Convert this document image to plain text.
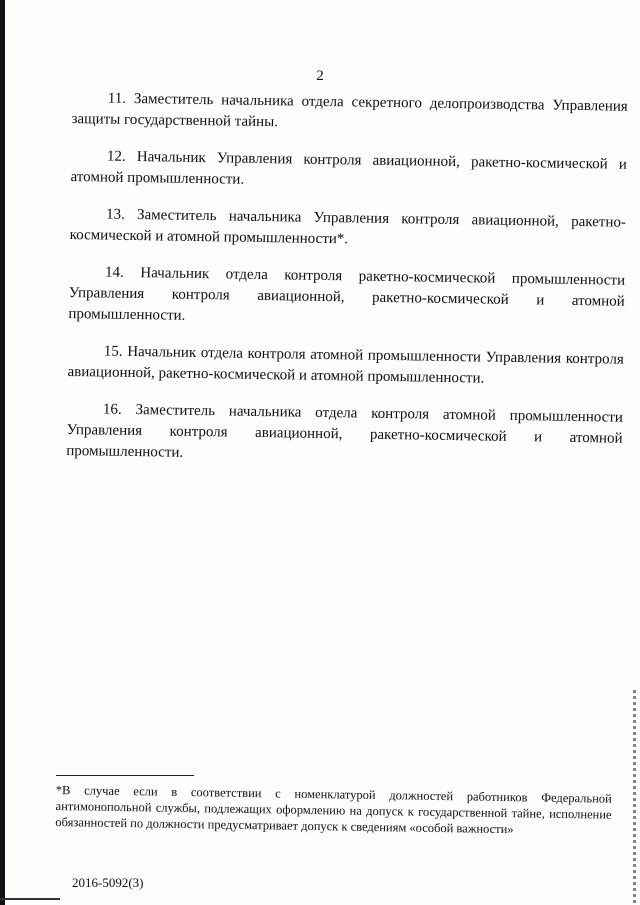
2

11. Заместитель начальника отдела секретного делопроизводства Управления защиты государственной тайны.

12. Начальник Управления контроля авиационной, ракетно-космической и атомной промышленности.

13. Заместитель начальника Управления контроля авиационной, ракетно-космической и атомной промышленности*.

14. Начальник отдела контроля ракетно-космической промышленности Управления контроля авиационной, ракетно-космической и атомной промышленности.

15. Начальник отдела контроля атомной промышленности Управления контроля авиационной, ракетно-космической и атомной промышленности.

16. Заместитель начальника отдела контроля атомной промышленности Управления контроля авиационной, ракетно-космической и атомной промышленности.

*В случае если в соответствии с номенклатурой должностей работников Федеральной антимонопольной службы, подлежащих оформлению на допуск к государственной тайне, исполнение обязанностей по должности предусматривает допуск к сведениям «особой важности»
2016-5092(3)
